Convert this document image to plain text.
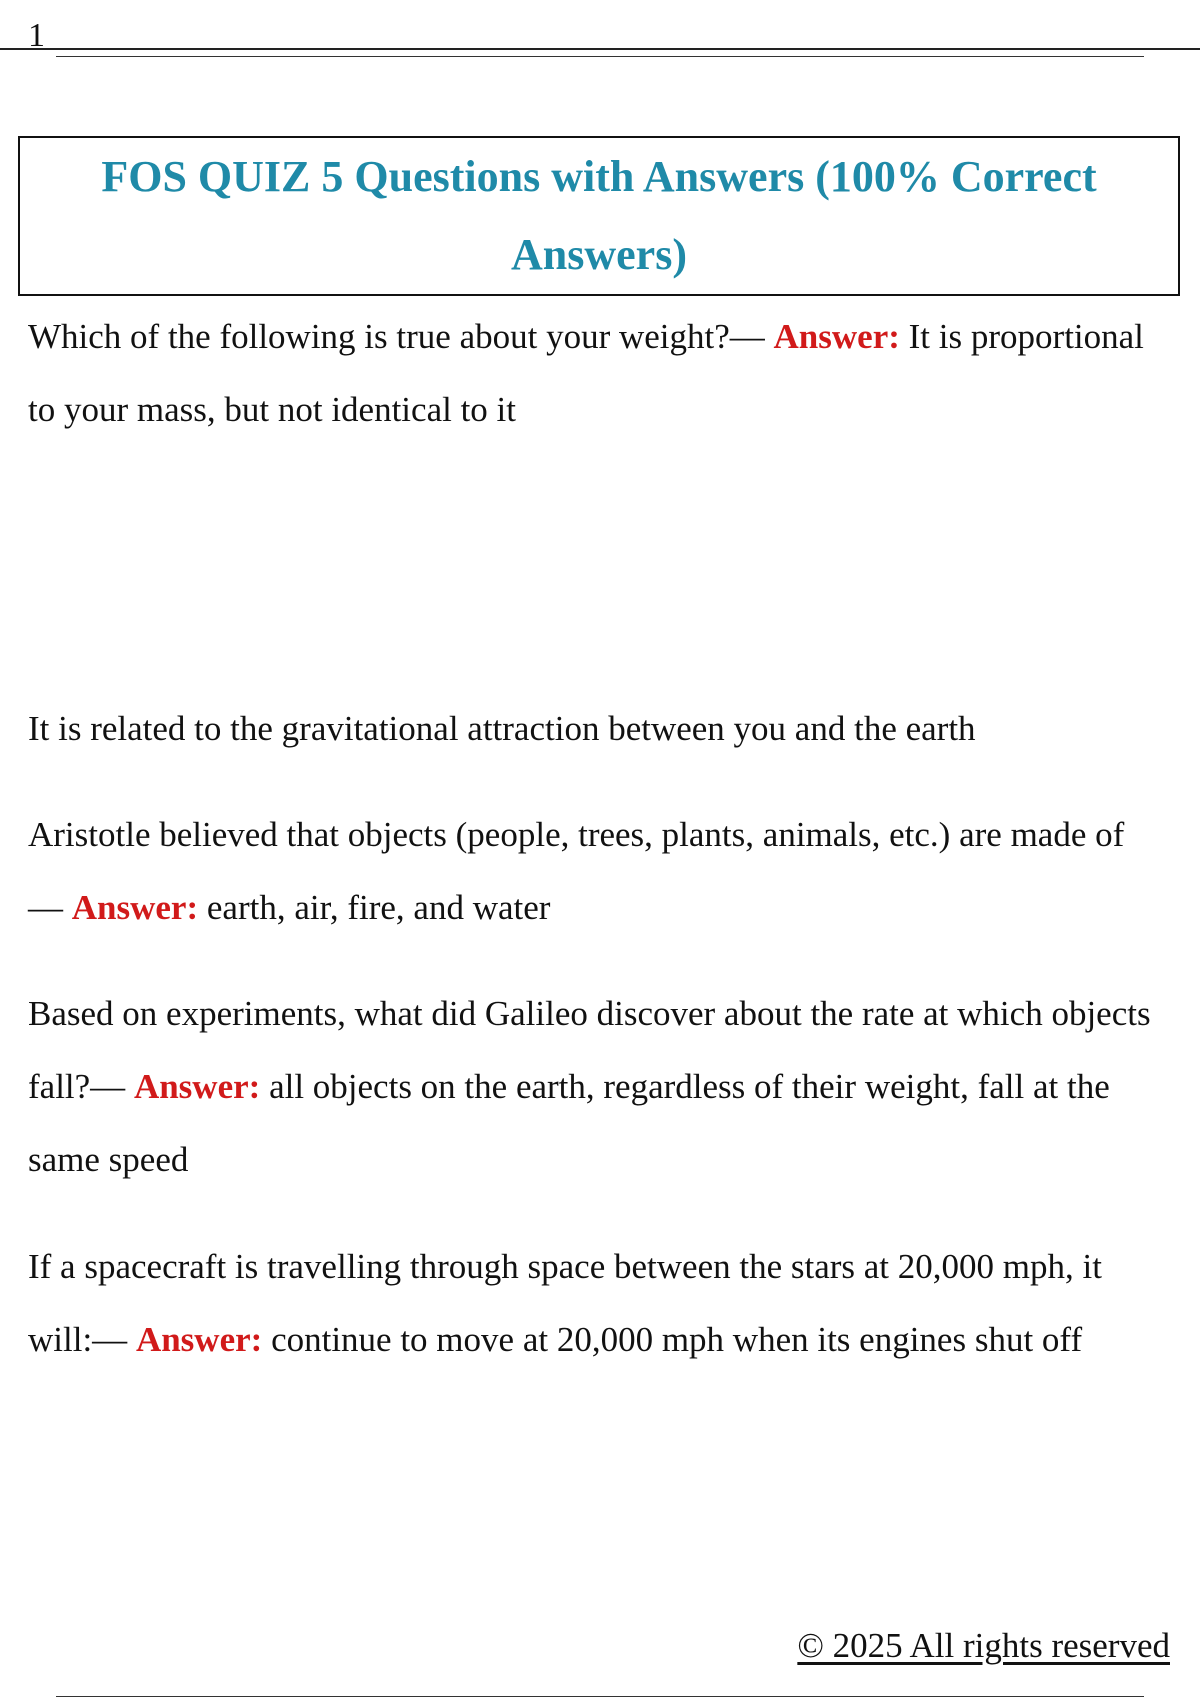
1
FOS QUIZ 5 Questions with Answers (100% Correct Answers)

Which of the following is true about your weight?— Answer: It is proportional to your mass, but not identical to it

It is related to the gravitational attraction between you and the earth

Aristotle believed that objects (people, trees, plants, animals, etc.) are made of— Answer: earth, air, fire, and water

Based on experiments, what did Galileo discover about the rate at which objects fall?— Answer: all objects on the earth, regardless of their weight, fall at the same speed

If a spacecraft is travelling through space between the stars at 20,000 mph, it will:— Answer: continue to move at 20,000 mph when its engines shut off

© 2025 All rights reserved
